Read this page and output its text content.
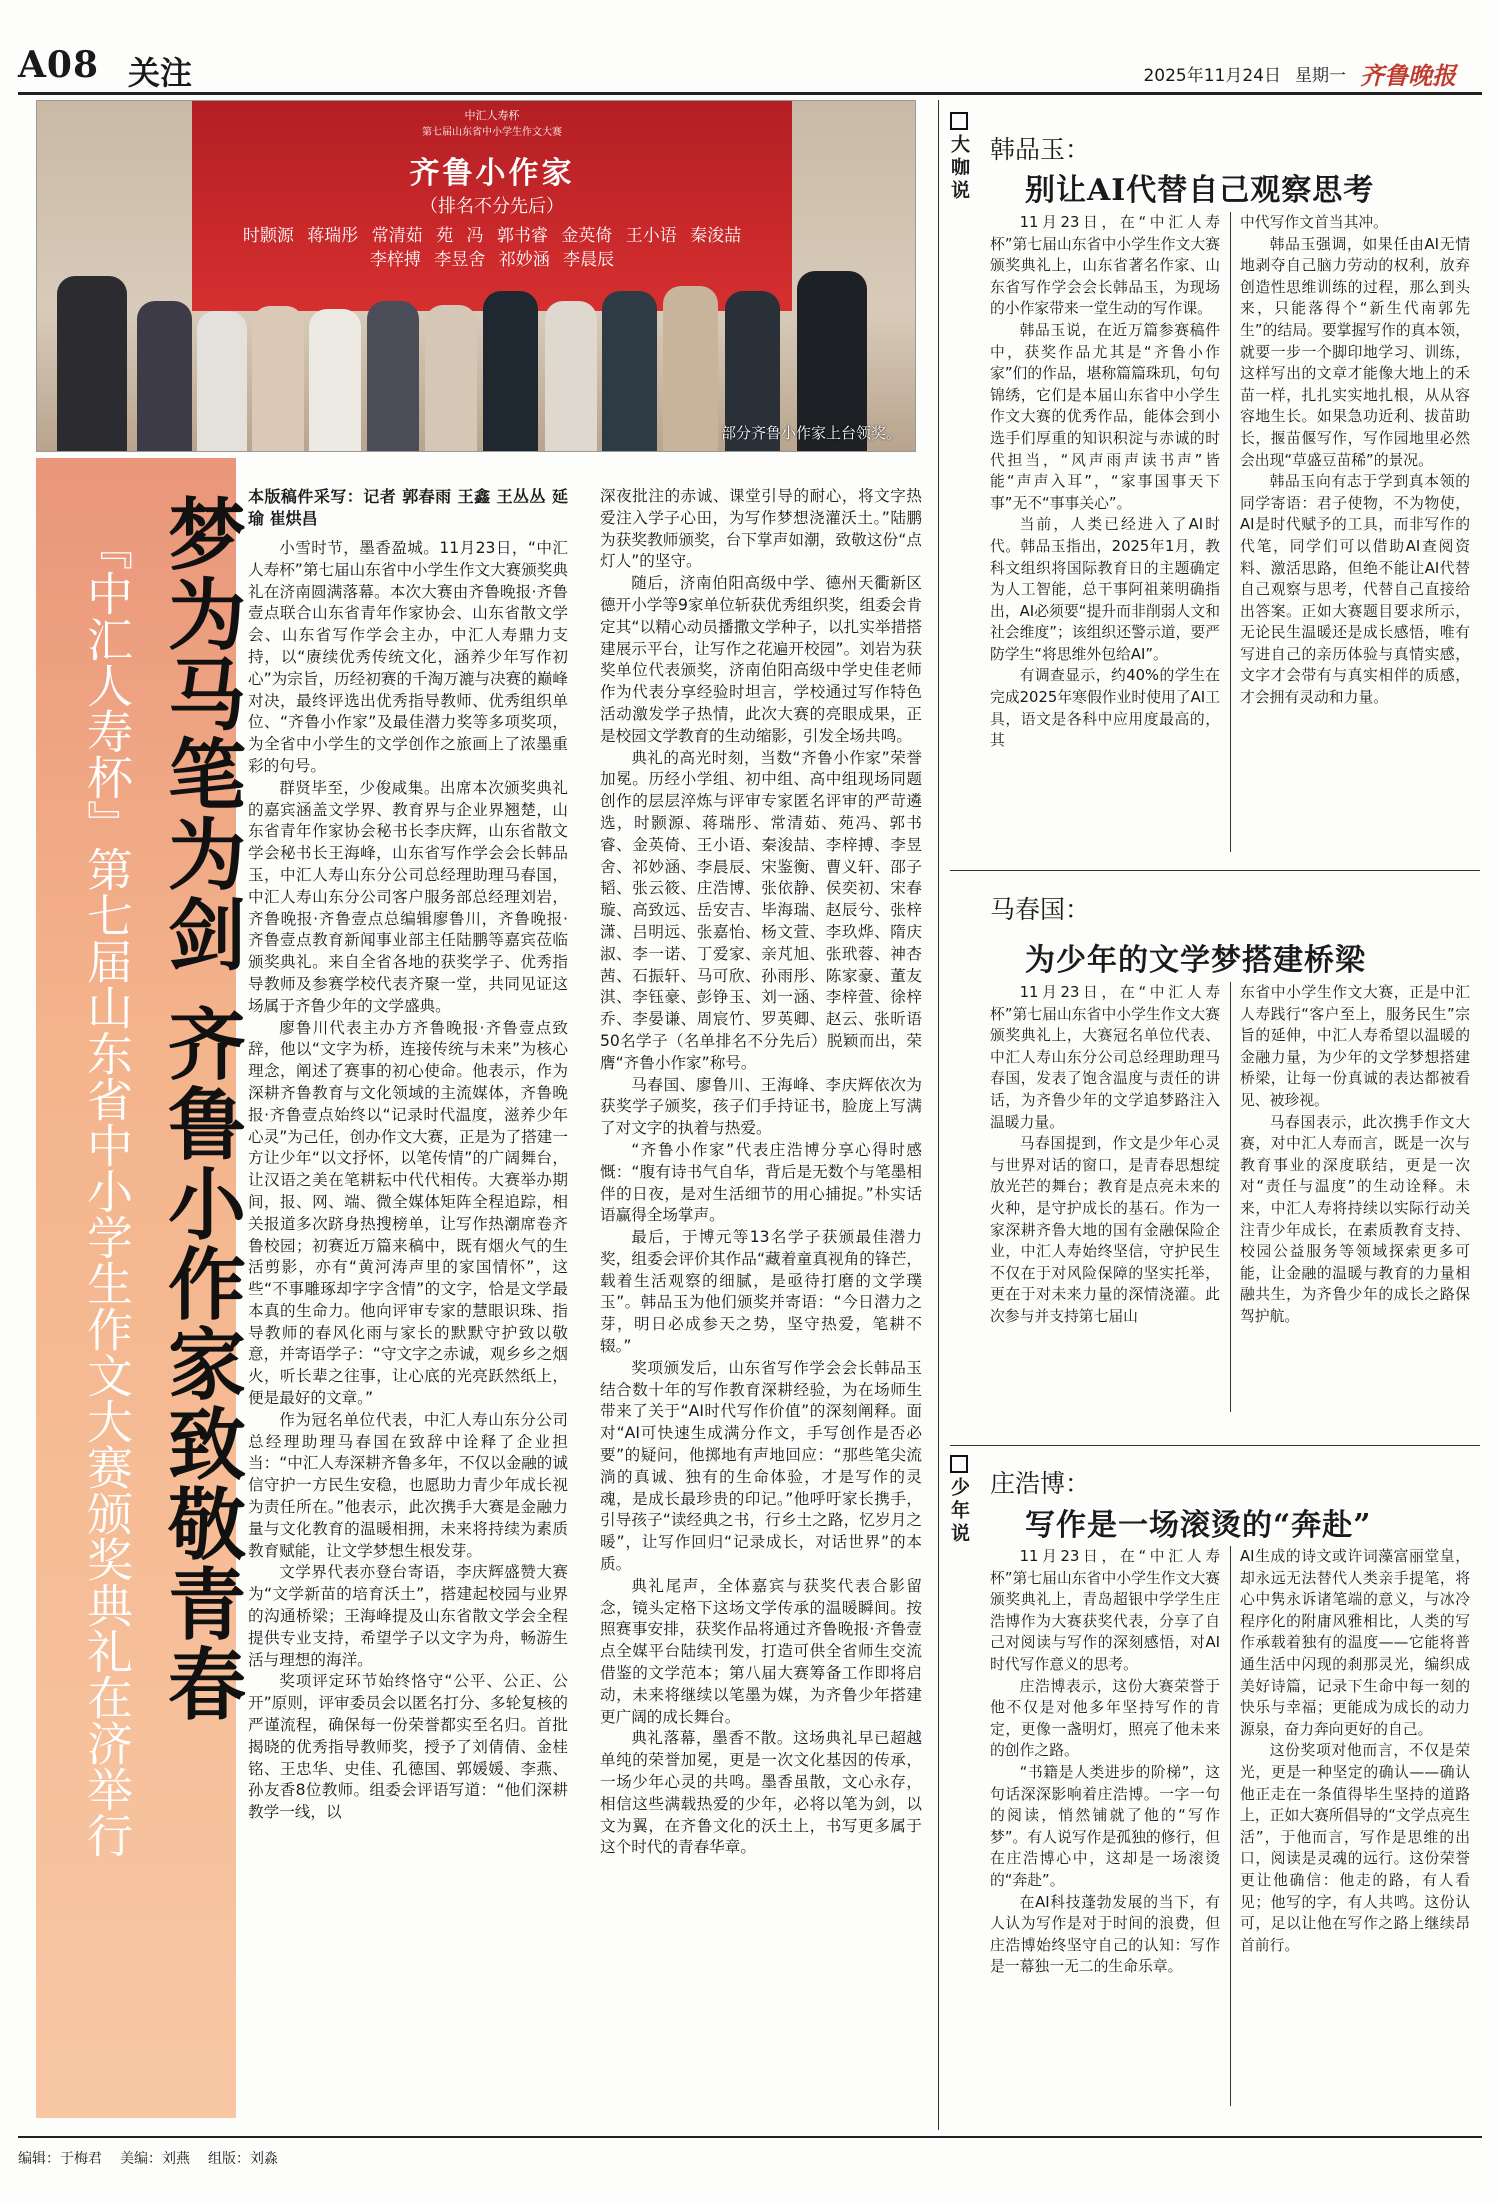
A08 关注	2025年11月24日 星期一 齐鲁晚报
中汇人寿杯
第七届山东省中小学生作文大赛
齐鲁小作家
（排名不分先后）
时颢源 蒋瑞彤 常清茹 苑 冯 郭书睿 金英倚 王小语 秦浚喆 李梓搏 李昱舍 祁妙涵 李晨辰
部分齐鲁小作家上台领奖。
梦为马笔为剑 齐鲁小作家致敬青春
『中汇人寿杯』第七届山东省中小学生作文大赛颁奖典礼在济举行
本版稿件采写：记者 郭春雨 王鑫 王丛丛 延瑜 崔烘昌

小雪时节，墨香盈城。11月23日，“中汇人寿杯”第七届山东省中小学生作文大赛颁奖典礼在济南圆满落幕。本次大赛由齐鲁晚报·齐鲁壹点联合山东省青年作家协会、山东省散文学会、山东省写作学会主办，中汇人寿鼎力支持，以“赓续优秀传统文化，涵养少年写作初心”为宗旨，历经初赛的千淘万漉与决赛的巅峰对决，最终评选出优秀指导教师、优秀组织单位、“齐鲁小作家”及最佳潜力奖等多项奖项，为全省中小学生的文学创作之旅画上了浓墨重彩的句号。

群贤毕至，少俊咸集。出席本次颁奖典礼的嘉宾涵盖文学界、教育界与企业界翘楚，山东省青年作家协会秘书长李庆辉，山东省散文学会秘书长王海峰，山东省写作学会会长韩品玉，中汇人寿山东分公司总经理助理马春国，中汇人寿山东分公司客户服务部总经理刘岩，齐鲁晚报·齐鲁壹点总编辑廖鲁川，齐鲁晚报·齐鲁壹点教育新闻事业部主任陆鹏等嘉宾莅临颁奖典礼。来自全省各地的获奖学子、优秀指导教师及参赛学校代表齐聚一堂，共同见证这场属于齐鲁少年的文学盛典。

廖鲁川代表主办方齐鲁晚报·齐鲁壹点致辞，他以“文字为桥，连接传统与未来”为核心理念，阐述了赛事的初心使命。他表示，作为深耕齐鲁教育与文化领域的主流媒体，齐鲁晚报·齐鲁壹点始终以“记录时代温度，滋养少年心灵”为己任，创办作文大赛，正是为了搭建一方让少年“以文抒怀，以笔传情”的广阔舞台，让汉语之美在笔耕耘中代代相传。大赛举办期间，报、网、端、微全媒体矩阵全程追踪，相关报道多次跻身热搜榜单，让写作热潮席卷齐鲁校园；初赛近万篇来稿中，既有烟火气的生活剪影，亦有“黄河涛声里的家国情怀”，这些“不事雕琢却字字含情”的文字，恰是文学最本真的生命力。他向评审专家的慧眼识珠、指导教师的春风化雨与家长的默默守护致以敬意，并寄语学子：“守文字之赤诚，观乡乡之烟火，听长辈之往事，让心底的光亮跃然纸上，便是最好的文章。”

作为冠名单位代表，中汇人寿山东分公司总经理助理马春国在致辞中诠释了企业担当：“中汇人寿深耕齐鲁多年，不仅以金融的诚信守护一方民生安稳，也愿助力青少年成长视为责任所在。”他表示，此次携手大赛是金融力量与文化教育的温暖相拥，未来将持续为素质教育赋能，让文学梦想生根发芽。

文学界代表亦登台寄语，李庆辉盛赞大赛为“文学新苗的培育沃土”，搭建起校园与业界的沟通桥梁；王海峰提及山东省散文学会全程提供专业支持，希望学子以文字为舟，畅游生活与理想的海洋。

奖项评定环节始终恪守“公平、公正、公开”原则，评审委员会以匿名打分、多轮复核的严谨流程，确保每一份荣誉都实至名归。首批揭晓的优秀指导教师奖，授予了刘倩倩、金桂铭、王忠华、史佳、孔德国、郭媛媛、李燕、孙友香8位教师。组委会评语写道：“他们深耕教学一线，以

深夜批注的赤诚、课堂引导的耐心，将文字热爱注入学子心田，为写作梦想浇灌沃土。”陆鹏为获奖教师颁奖，台下掌声如潮，致敬这份“点灯人”的坚守。

随后，济南伯阳高级中学、德州天衢新区德开小学等9家单位斩获优秀组织奖，组委会肯定其“以精心动员播撒文学种子，以扎实举措搭建展示平台，让写作之花遍开校园”。刘岩为获奖单位代表颁奖，济南伯阳高级中学史佳老师作为代表分享经验时坦言，学校通过写作特色活动激发学子热情，此次大赛的亮眼成果，正是校园文学教育的生动缩影，引发全场共鸣。

典礼的高光时刻，当数“齐鲁小作家”荣誉加冕。历经小学组、初中组、高中组现场同题创作的层层淬炼与评审专家匿名评审的严苛遴选，时颢源、蒋瑞彤、常清茹、苑冯、郭书睿、金英倚、王小语、秦浚喆、李梓搏、李昱舍、祁妙涵、李晨辰、宋鉴衡、曹义轩、邵子韬、张云筱、庄浩博、张依静、侯奕初、宋春璇、高致远、岳安吉、毕海瑞、赵辰兮、张梓潇、吕明远、张嘉怡、杨文萱、李玖烨、隋庆淑、李一诺、丁爱家、亲芃旭、张玳蓉、神杏茜、石振轩、马可欣、孙雨彤、陈家豪、董友淇、李钰豪、彭铮玉、刘一涵、李梓萱、徐梓乔、李晏谦、周宸竹、罗英卿、赵云、张昕语50名学子（名单排名不分先后）脱颖而出，荣膺“齐鲁小作家”称号。

马春国、廖鲁川、王海峰、李庆辉依次为获奖学子颁奖，孩子们手持证书，脸庞上写满了对文字的执着与热爱。

“齐鲁小作家”代表庄浩博分享心得时感慨：“腹有诗书气自华，背后是无数个与笔墨相伴的日夜，是对生活细节的用心捕捉。”朴实话语赢得全场掌声。

最后，于博元等13名学子获颁最佳潜力奖，组委会评价其作品“藏着童真视角的锋芒，载着生活观察的细腻，是亟待打磨的文学璞玉”。韩品玉为他们颁奖并寄语：“今日潜力之芽，明日必成参天之势，坚守热爱，笔耕不辍。”

奖项颁发后，山东省写作学会会长韩品玉结合数十年的写作教育深耕经验，为在场师生带来了关于“AI时代写作价值”的深刻阐释。面对“AI可快速生成满分作文，手写创作是否必要”的疑问，他掷地有声地回应：“那些笔尖流淌的真诚、独有的生命体验，才是写作的灵魂，是成长最珍贵的印记。”他呼吁家长携手，引导孩子“读经典之书，行乡土之路，忆岁月之暖”，让写作回归“记录成长，对话世界”的本质。

典礼尾声，全体嘉宾与获奖代表合影留念，镜头定格下这场文学传承的温暖瞬间。按照赛事安排，获奖作品将通过齐鲁晚报·齐鲁壹点全媒平台陆续刊发，打造可供全省师生交流借鉴的文学范本；第八届大赛筹备工作即将启动，未来将继续以笔墨为媒，为齐鲁少年搭建更广阔的成长舞台。

典礼落幕，墨香不散。这场典礼早已超越单纯的荣誉加冕，更是一次文化基因的传承，一场少年心灵的共鸣。墨香虽散，文心永存，相信这些满载热爱的少年，必将以笔为剑，以文为翼，在齐鲁文化的沃土上，书写更多属于这个时代的青春华章。

大咖说 韩品玉：
别让AI代替自己观察思考

11月23日，在“中汇人寿杯”第七届山东省中小学生作文大赛颁奖典礼上，山东省著名作家、山东省写作学会会长韩品玉，为现场的小作家带来一堂生动的写作课。

韩品玉说，在近万篇参赛稿件中，获奖作品尤其是“齐鲁小作家”们的作品，堪称篇篇珠玑，句句锦绣，它们是本届山东省中小学生作文大赛的优秀作品，能体会到小选手们厚重的知识积淀与赤诚的时代担当，“风声雨声读书声”皆能“声声入耳”，“家事国事天下事”无不“事事关心”。

当前，人类已经进入了AI时代。韩品玉指出，2025年1月，教科文组织将国际教育日的主题确定为人工智能，总干事阿祖莱明确指出，AI必须要“提升而非削弱人文和社会维度”；该组织还警示道，要严防学生“将思维外包给AI”。

有调查显示，约40%的学生在完成2025年寒假作业时使用了AI工具，语文是各科中应用度最高的，其

中代写作文首当其冲。

韩品玉强调，如果任由AI无情地剥夺自己脑力劳动的权利，放弃创造性思维训练的过程，那么到头来，只能落得个“新生代南郭先生”的结局。要掌握写作的真本领，就要一步一个脚印地学习、训练，这样写出的文章才能像大地上的禾苗一样，扎扎实实地扎根，从从容容地生长。如果急功近利、拔苗助长，揠苗偃写作，写作园地里必然会出现“草盛豆苗稀”的景况。

韩品玉向有志于学到真本领的同学寄语：君子使物，不为物使，AI是时代赋予的工具，而非写作的代笔，同学们可以借助AI查阅资料、激活思路，但绝不能让AI代替自己观察与思考，代替自己直接给出答案。正如大赛题目要求所示，无论民生温暖还是成长感悟，唯有写进自己的亲历体验与真情实感，文字才会带有与真实相伴的质感，才会拥有灵动和力量。

马春国：
为少年的文学梦搭建桥梁

11月23日，在“中汇人寿杯”第七届山东省中小学生作文大赛颁奖典礼上，大赛冠名单位代表、中汇人寿山东分公司总经理助理马春国，发表了饱含温度与责任的讲话，为齐鲁少年的文学追梦路注入温暖力量。

马春国提到，作文是少年心灵与世界对话的窗口，是青春思想绽放光芒的舞台；教育是点亮未来的火种，是守护成长的基石。作为一家深耕齐鲁大地的国有金融保险企业，中汇人寿始终坚信，守护民生不仅在于对风险保障的坚实托举，更在于对未来力量的深情浇灌。此次参与并支持第七届山

东省中小学生作文大赛，正是中汇人寿践行“客户至上，服务民生”宗旨的延伸，中汇人寿希望以温暖的金融力量，为少年的文学梦想搭建桥梁，让每一份真诚的表达都被看见、被珍视。

马春国表示，此次携手作文大赛，对中汇人寿而言，既是一次与教育事业的深度联结，更是一次对“责任与温度”的生动诠释。未来，中汇人寿将持续以实际行动关注青少年成长，在素质教育支持、校园公益服务等领域探索更多可能，让金融的温暖与教育的力量相融共生，为齐鲁少年的成长之路保驾护航。

少年说 庄浩博：
写作是一场滚烫的“奔赴”

11月23日，在“中汇人寿杯”第七届山东省中小学生作文大赛颁奖典礼上，青岛超银中学学生庄浩博作为大赛获奖代表，分享了自己对阅读与写作的深刻感悟，对AI时代写作意义的思考。

庄浩博表示，这份大赛荣誉于他不仅是对他多年坚持写作的肯定，更像一盏明灯，照亮了他未来的创作之路。

“书籍是人类进步的阶梯”，这句话深深影响着庄浩博。一字一句的阅读，悄然铺就了他的“写作梦”。有人说写作是孤独的修行，但在庄浩博心中，这却是一场滚烫的“奔赴”。

在AI科技蓬勃发展的当下，有人认为写作是对于时间的浪费，但庄浩博始终坚守自己的认知：写作是一幕独一无二的生命乐章。

AI生成的诗文或许词藻富丽堂皇，却永远无法替代人类亲手提笔，将心中隽永诉诸笔端的意义，与冰冷程序化的附庸风雅相比，人类的写作承载着独有的温度——它能将普通生活中闪现的刹那灵光，编织成美好诗篇，记录下生命中每一刻的快乐与幸福；更能成为成长的动力源泉，奋力奔向更好的自己。

这份奖项对他而言，不仅是荣光，更是一种坚定的确认——确认他正走在一条值得毕生坚持的道路上，正如大赛所倡导的“文学点亮生活”，于他而言，写作是思维的出口，阅读是灵魂的远行。这份荣誉更让他确信：他走的路，有人看见；他写的字，有人共鸣。这份认可，足以让他在写作之路上继续昂首前行。

编辑：于梅君 美编：刘燕 组版：刘淼
